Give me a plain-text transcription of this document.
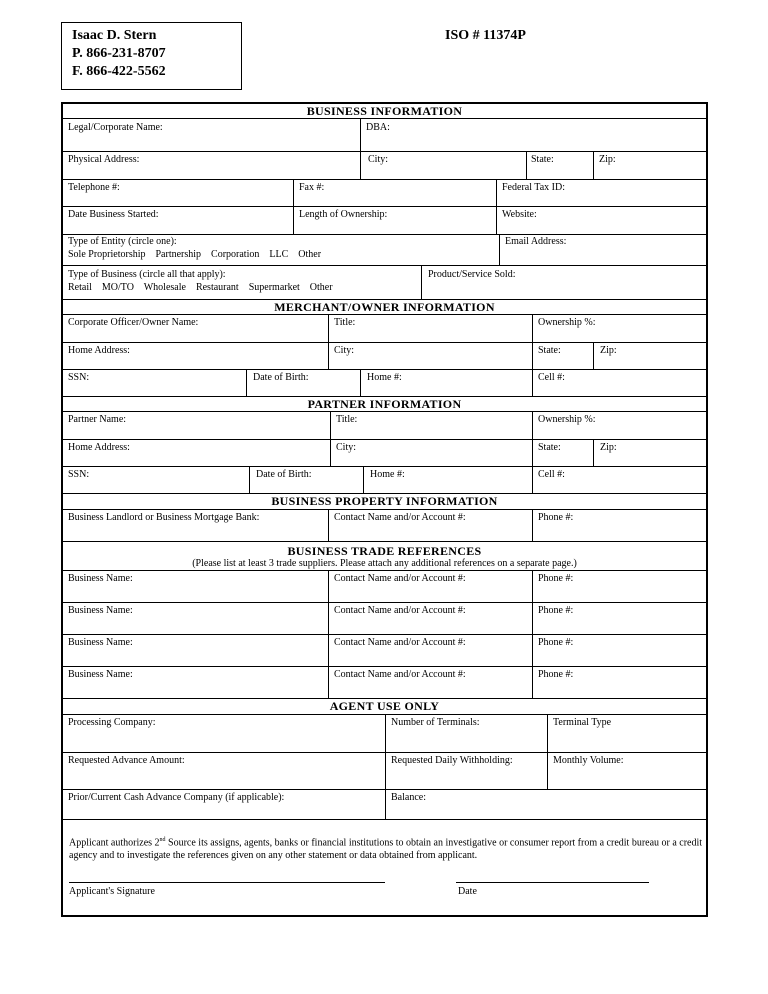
Isaac D. Stern
P. 866-231-8707
F. 866-422-5562
ISO # 11374P
BUSINESS INFORMATION
MERCHANT/OWNER INFORMATION
PARTNER INFORMATION
BUSINESS PROPERTY INFORMATION
BUSINESS TRADE REFERENCES
(Please list at least 3 trade suppliers. Please attach any additional references on a separate page.)
AGENT USE ONLY
Legal/Corporate Name:	DBA:
Physical Address:	City:	State:	Zip:
Telephone #:	Fax #:	Federal Tax ID:
Date Business Started:	Length of Ownership:	Website:
Type of Entity (circle one):
Sole Proprietorship    Partnership    Corporation    LLC    Other
Email Address:
Type of Business (circle all that apply):
Retail    MO/TO    Wholesale    Restaurant    Supermarket    Other
Product/Service Sold:
Corporate Officer/Owner Name:	Title:	Ownership %:
Home Address:	City:	State:	Zip:
SSN:	Date of Birth:	Home #:	Cell #:
Partner Name:	Title:	Ownership %:
Home Address:	City:	State:	Zip:
SSN:	Date of Birth:	Home #:	Cell #:
Business Landlord or Business Mortgage Bank:	Contact Name and/or Account #:	Phone #:
Business Name:	Contact Name and/or Account #:	Phone #:
Business Name:	Contact Name and/or Account #:	Phone #:
Business Name:	Contact Name and/or Account #:	Phone #:
Business Name:	Contact Name and/or Account #:	Phone #:
Processing Company:	Number of Terminals:	Terminal Type
Requested Advance Amount:	Requested Daily Withholding:	Monthly Volume:
Prior/Current Cash Advance Company (if applicable):	Balance:
Applicant authorizes 2nd Source its assigns, agents, banks or financial institutions to obtain an investigative or consumer report from a credit bureau or a credit agency and to investigate the references given on any other statement or data obtained from applicant.
Applicant's Signature	Date
